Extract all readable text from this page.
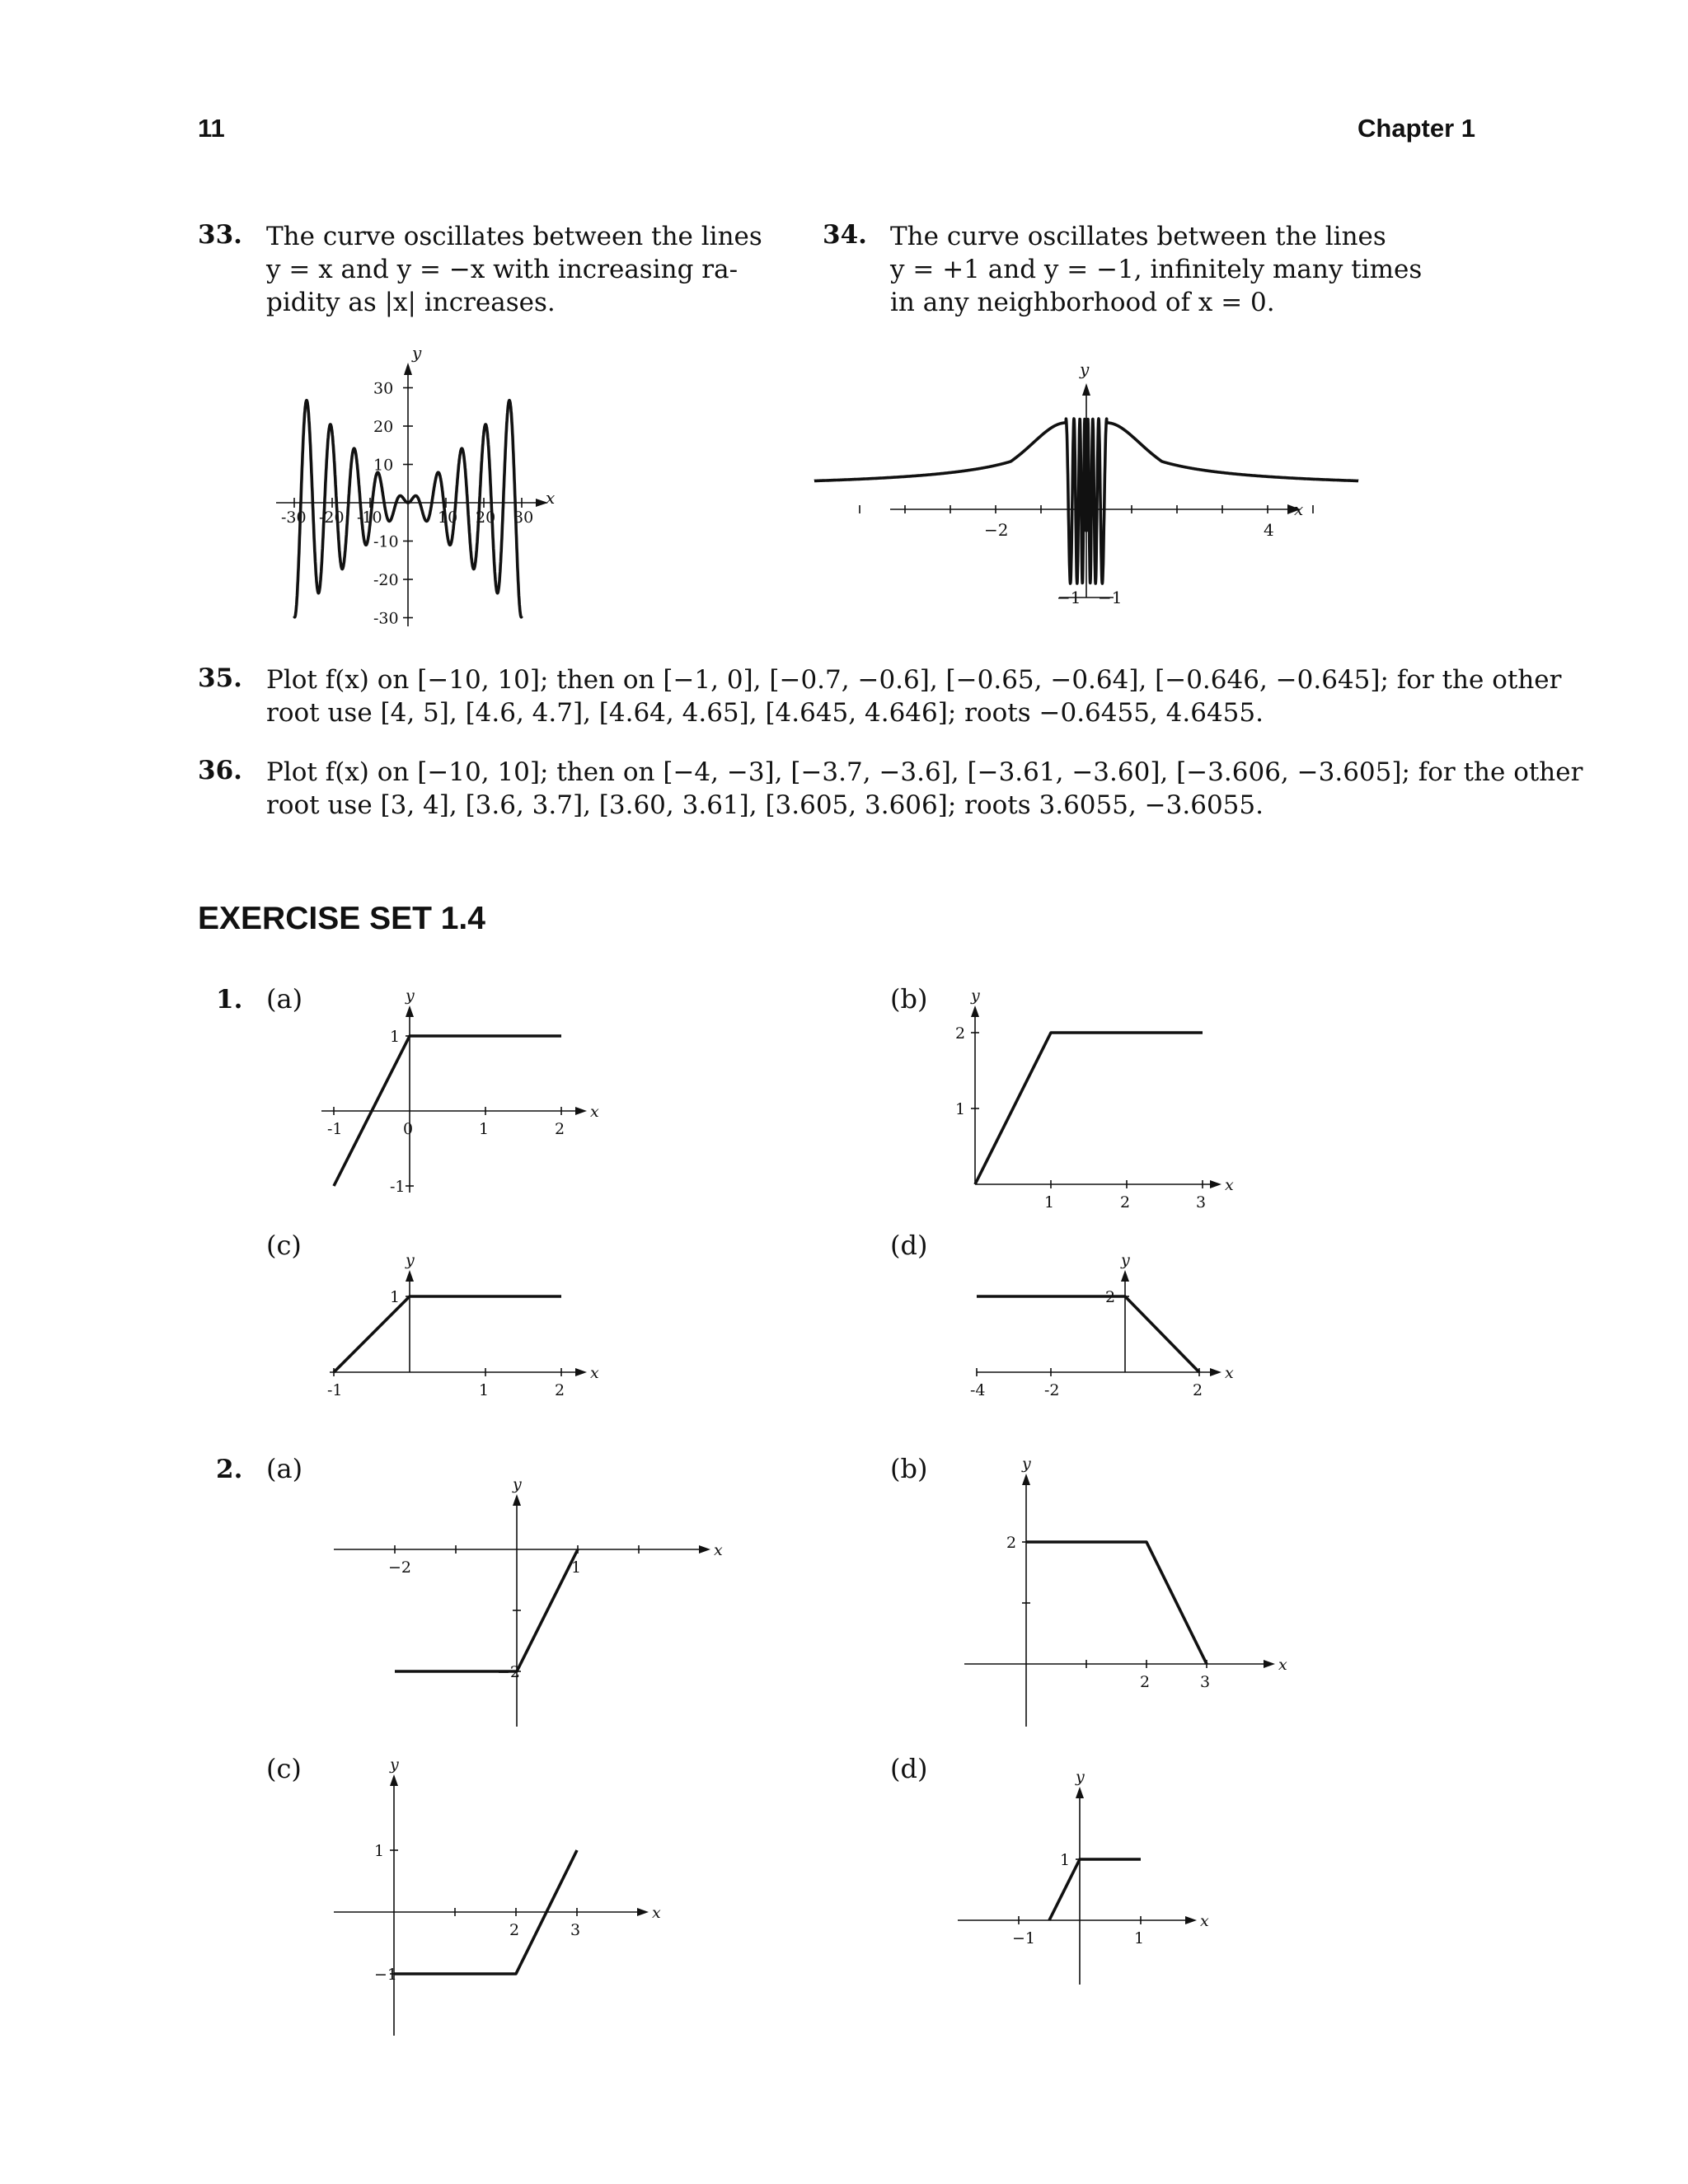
11	Chapter 1
33. The curve oscillates between the lines
y = x and y = −x with increasing ra-
pidity as |x| increases.
34. The curve oscillates between the lines
y = +1 and y = −1, infinitely many times
in any neighborhood of x = 0.
y
x
-30 -20 -10	10 20 30
30
20
10
-10
-20
-30
y
x
−2	4
−1 −1
35. Plot f(x) on [−10, 10]; then on [−1, 0], [−0.7, −0.6], [−0.65, −0.64], [−0.646, −0.645]; for the other
root use [4, 5], [4.6, 4.7], [4.64, 4.65], [4.645, 4.646]; roots −0.6455, 4.6455.
36. Plot f(x) on [−10, 10]; then on [−4, −3], [−3.7, −3.6], [−3.61, −3.60], [−3.606, −3.605]; for the other
root use [3, 4], [3.6, 3.7], [3.60, 3.61], [3.605, 3.606]; roots 3.6055, −3.6055.
EXERCISE SET 1.4
1. (a)	(b)
(c)	(d)
2. (a)	(b)
(c)	(d)
x
y
-1	0	1	2
1
-1	x
y
1	2	3
2
1
x
y
-1	1	2
1
x
y
-4	-2	2
2
x
y
−2	1
−2	x
y
2	3
2
x
y
2	3
1
−1
x
y
−1	1
1
